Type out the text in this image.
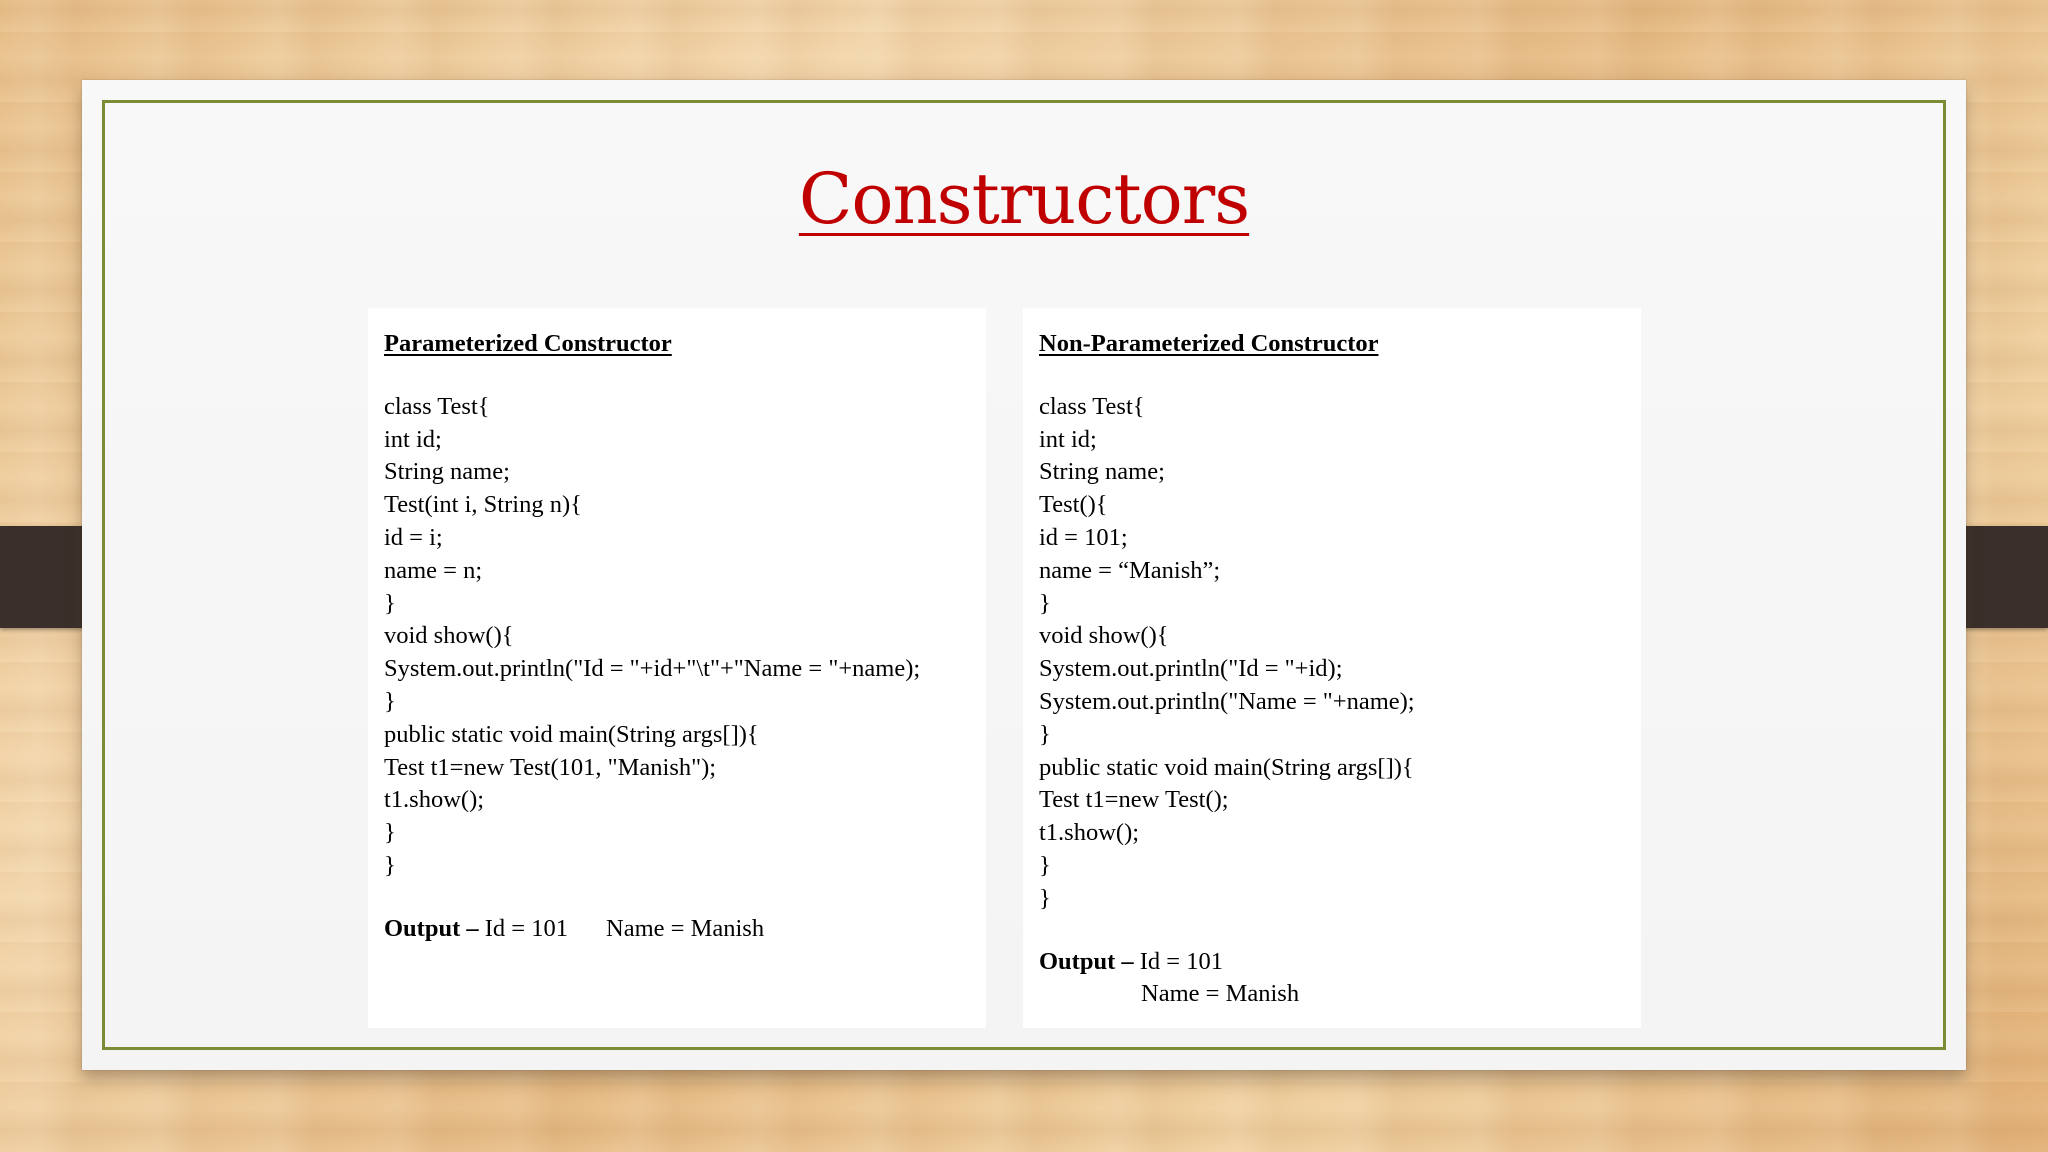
Constructors
Parameterized Constructor
class Test{
int id;
String name;
Test(int i, String n){
id = i;
name = n;
}
void show(){
System.out.println("Id = "+id+"\t"+"Name = "+name);
}
public static void main(String args[]){
Test t1=new Test(101, "Manish");
t1.show();
}
}
Output – Id = 101 Name = Manish
Non-Parameterized Constructor
class Test{
int id;
String name;
Test(){
id = 101;
name = “Manish”;
}
void show(){
System.out.println("Id = "+id);
System.out.println("Name = "+name);
}
public static void main(String args[]){
Test t1=new Test();
t1.show();
}
}
Output – Id = 101
Name = Manish
